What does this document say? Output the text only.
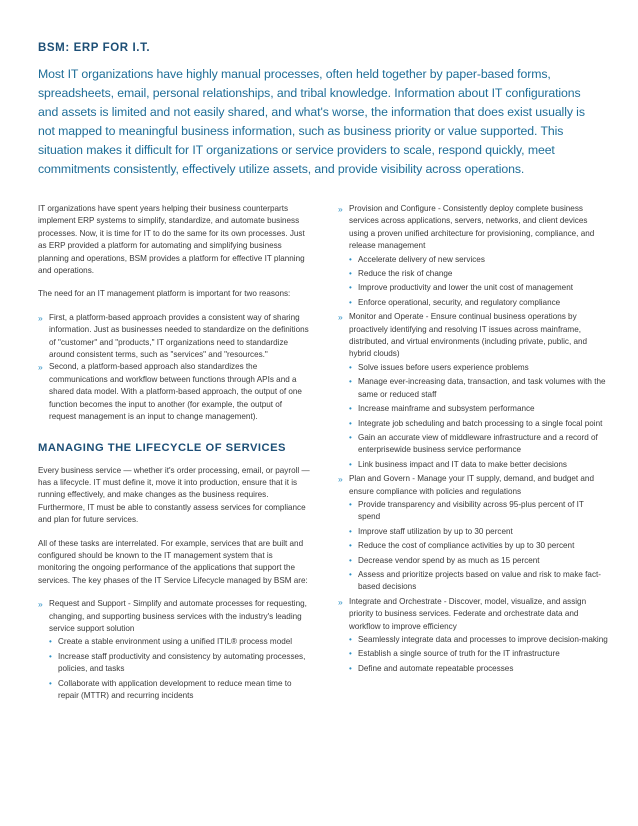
BSM: ERP FOR I.T.
Most IT organizations have highly manual processes, often held together by paper-based forms, spreadsheets, email, personal relationships, and tribal knowledge. Information about IT configurations and assets is limited and not easily shared, and what's worse, the information that does exist usually is not mapped to meaningful business information, such as business priority or value supported. This situation makes it difficult for IT organizations or service providers to scale, respond quickly, meet commitments consistently, effectively utilize assets, and provide visibility across operations.

IT organizations have spent years helping their business counterparts implement ERP systems to simplify, standardize, and automate business processes. Now, it is time for IT to do the same for its own processes. Just as ERP provided a platform for automating and simplifying business planning and operations, BSM provides a platform for effective IT planning and operations.

The need for an IT management platform is important for two reasons:

» First, a platform-based approach provides a consistent way of sharing information. Just as businesses needed to standardize on the definitions of "customer" and "products," IT organizations need to standardize around consistent terms, such as "services" and "resources."
» Second, a platform-based approach also standardizes the communications and workflow between functions through APIs and a shared data model. With a platform-based approach, the output of one function becomes the input to another (for example, the output of request management is an input to change management).
MANAGING THE LIFECYCLE OF SERVICES

Every business service — whether it's order processing, email, or payroll — has a lifecycle. IT must define it, move it into production, ensure that it is running effectively, and make changes as the business requires. Furthermore, IT must be able to constantly assess services for compliance and plan for future services.

All of these tasks are interrelated. For example, services that are built and configured should be known to the IT management system that is monitoring the ongoing performance of the applications that support the services. The key phases of the IT Service Lifecycle managed by BSM are:

» Request and Support - Simplify and automate processes for requesting, changing, and supporting business services with the industry's leading service support solution
• Create a stable environment using a unified ITIL® process model
• Increase staff productivity and consistency by automating processes, policies, and tasks
• Collaborate with application development to reduce mean time to repair (MTTR) and recurring incidents
» Provision and Configure - Consistently deploy complete business services across applications, servers, networks, and client devices using a proven unified architecture for provisioning, compliance, and release management
• Accelerate delivery of new services
• Reduce the risk of change
• Improve productivity and lower the unit cost of management
• Enforce operational, security, and regulatory compliance
» Monitor and Operate - Ensure continual business operations by proactively identifying and resolving IT issues across mainframe, distributed, and virtual environments (including private, public, and hybrid clouds)
• Solve issues before users experience problems
• Manage ever-increasing data, transaction, and task volumes with the same or reduced staff
• Increase mainframe and subsystem performance
• Integrate job scheduling and batch processing to a single focal point
• Gain an accurate view of middleware infrastructure and a record of enterprisewide business service performance
• Link business impact and IT data to make better decisions
» Plan and Govern - Manage your IT supply, demand, and budget and ensure compliance with policies and regulations
• Provide transparency and visibility across 95-plus percent of IT spend
• Improve staff utilization by up to 30 percent
• Reduce the cost of compliance activities by up to 30 percent
• Decrease vendor spend by as much as 15 percent
• Assess and prioritize projects based on value and risk to make fact-based decisions
» Integrate and Orchestrate - Discover, model, visualize, and assign priority to business services. Federate and orchestrate data and workflow to improve efficiency
• Seamlessly integrate data and processes to improve decision-making
• Establish a single source of truth for the IT infrastructure
• Define and automate repeatable processes
